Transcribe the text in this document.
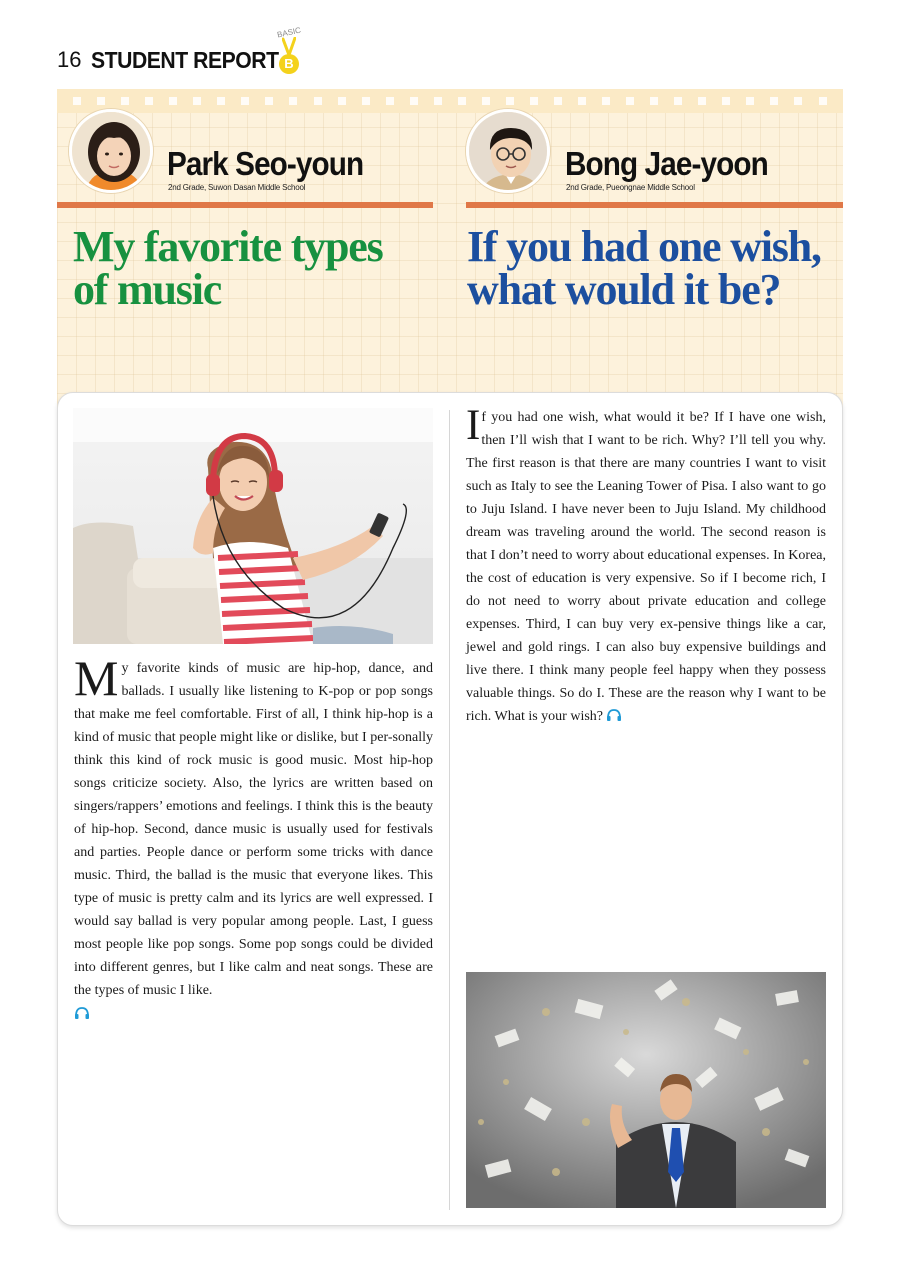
16 STUDENT REPORT
BASIC
B
Park Seo-youn
2nd Grade, Suwon Dasan Middle School
My favorite types of music
Bong Jae-yoon
2nd Grade, Pueongnae Middle School
If you had one wish, what would it be?
My favorite kinds of music are hip-hop, dance, and ballads. I usually like listening to K-pop or pop songs that make me feel comfortable. First of all, I think hip-hop is a kind of music that people might like or dislike, but I per-sonally think this kind of rock music is good music. Most hip-hop songs criticize society. Also, the lyrics are written based on singers/rappers’ emotions and feelings. I think this is the beauty of hip-hop. Second, dance music is usually used for festivals and parties. People dance or perform some tricks with dance music. Third, the ballad is the music that everyone likes. This type of music is pretty calm and its lyrics are well expressed. I would say ballad is very popular among people. Last, I guess most people like pop songs. Some pop songs could be divided into different genres, but I like calm and neat songs. These are the types of music I like.
If you had one wish, what would it be? If I have one wish, then I’ll wish that I want to be rich. Why? I’ll tell you why. The first reason is that there are many countries I want to visit such as Italy to see the Leaning Tower of Pisa. I also want to go to Juju Island. I have never been to Juju Island. My childhood dream was traveling around the world. The second reason is that I don’t need to worry about educational expenses. In Korea, the cost of education is very expensive. So if I become rich, I do not need to worry about private education and college expenses. Third, I can buy very ex-pensive things like a car, jewel and gold rings. I can also buy expensive buildings and live there. I think many people feel happy when they possess valuable things. So do I. These are the reason why I want to be rich. What is your wish?
